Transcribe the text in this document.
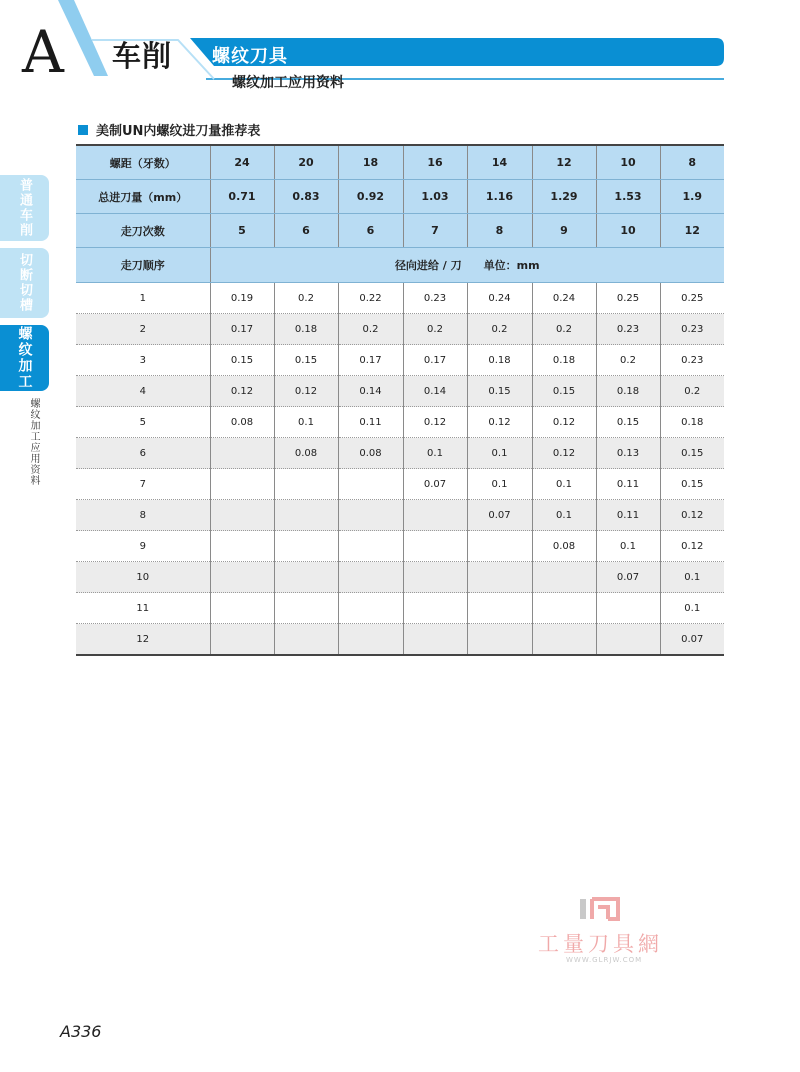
A 车削 螺纹刀具
螺纹加工应用资料
普通车削
切断切槽
螺纹加工
螺纹加工应用资料
美制UN内螺纹进刀量推荐表
螺距（牙数）	24	20	18	16	14	12	10	8
总进刀量（mm）	0.71	0.83	0.92	1.03	1.16	1.29	1.53	1.9
走刀次数	5	6	6	7	8	9	10	12
走刀顺序	径向进给 / 刀　　单位：mm							
1	0.19	0.2	0.22	0.23	0.24	0.24	0.25	0.25
2	0.17	0.18	0.2	0.2	0.2	0.2	0.23	0.23
3	0.15	0.15	0.17	0.17	0.18	0.18	0.2	0.23
4	0.12	0.12	0.14	0.14	0.15	0.15	0.18	0.2
5	0.08	0.1	0.11	0.12	0.12	0.12	0.15	0.18
6		0.08	0.08	0.1	0.1	0.12	0.13	0.15
7				0.07	0.1	0.1	0.11	0.15
8					0.07	0.1	0.11	0.12
9						0.08	0.1	0.12
10							0.07	0.1
11								0.1
12								0.07
工量刀具網
WWW.GLRJW.COM
A336
